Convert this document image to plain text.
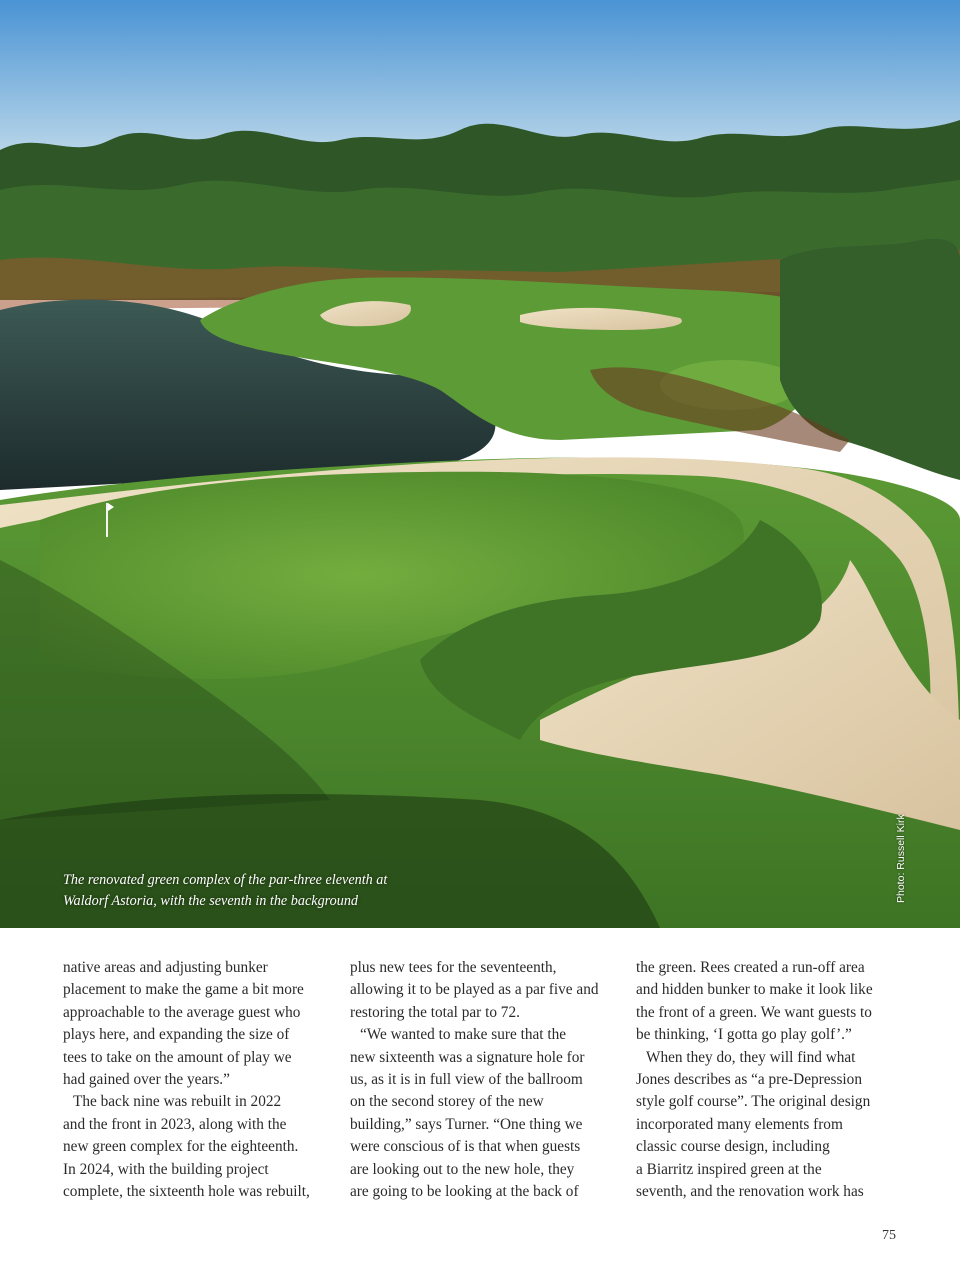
The renovated green complex of the par-three eleventh at
Waldorf Astoria, with the seventh in the background	Photo: Russell Kirk
native areas and adjusting bunker
placement to make the game a bit more
approachable to the average guest who
plays here, and expanding the size of
tees to take on the amount of play we
had gained over the years.”
The back nine was rebuilt in 2022
and the front in 2023, along with the
new green complex for the eighteenth.
In 2024, with the building project
complete, the sixteenth hole was rebuilt,
plus new tees for the seventeenth,
allowing it to be played as a par five and
restoring the total par to 72.
“We wanted to make sure that the
new sixteenth was a signature hole for
us, as it is in full view of the ballroom
on the second storey of the new
building,” says Turner. “One thing we
were conscious of is that when guests
are looking out to the new hole, they
are going to be looking at the back of
the green. Rees created a run-off area
and hidden bunker to make it look like
the front of a green. We want guests to
be thinking, ‘I gotta go play golf’.”
When they do, they will find what
Jones describes as “a pre-Depression
style golf course”. The original design
incorporated many elements from
classic course design, including
a Biarritz inspired green at the
seventh, and the renovation work has
75
